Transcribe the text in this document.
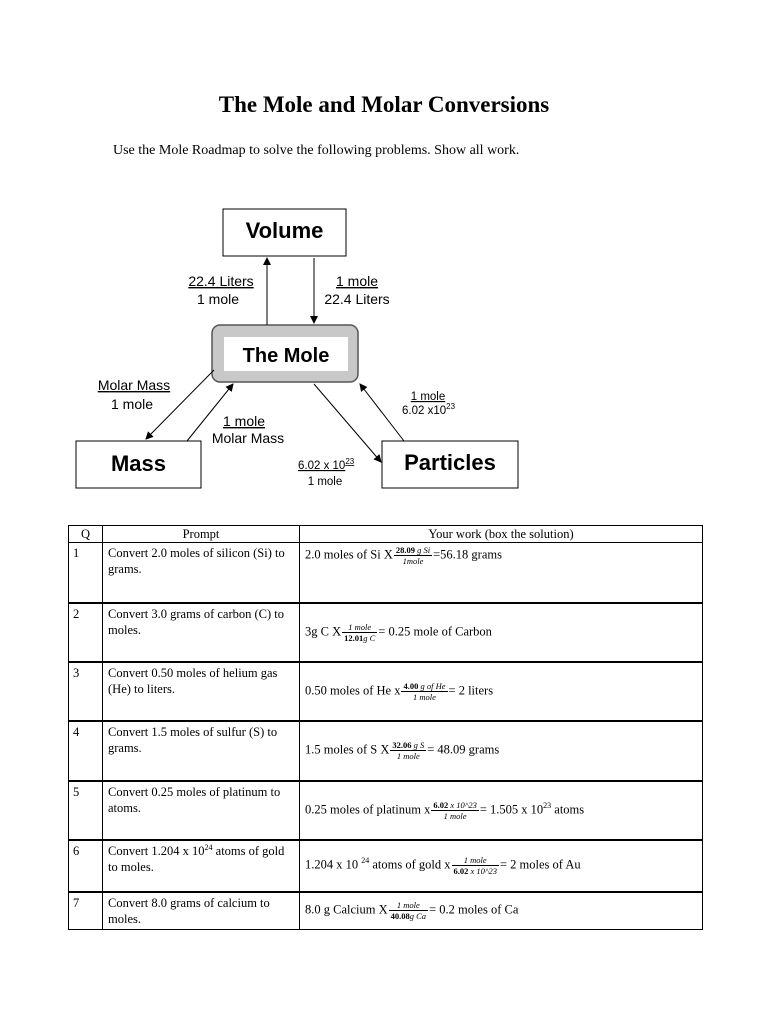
The Mole and Molar Conversions
Use the Mole Roadmap to solve the following problems. Show all work.
Volume
The Mole
Mass	Particles
22.4 Liters
1 mole
1 mole
22.4 Liters
Molar Mass
1 mole
1 mole
Molar Mass
1 mole
6.02 $x10^{23}$
6.02 x $10^{23}$
1 mole
Q	Prompt	Your work (box the solution)
1	Convert 2.0 moles of silicon (Si) to grams.	2.0 moles of Si X $\frac{\text{28.09 g Si}}{\text{1mole}} =56.18$ grams
2	Convert 3.0 grams of carbon (C) to moles.	3g C X $\frac{\text{1 mole}}{\text{12.01g C}} = 0.25$ mole of Carbon
3	Convert 0.50 moles of helium gas (He) to liters.	0.50 moles of He x $\frac{\text{4.00 g of He}}{\text{1 mole}} = 2$ liters
4	Convert 1.5 moles of sulfur (S) to grams.	1.5 moles of S X $\frac{\text{32.06 g S}}{\text{1 mole}} = 48.09$ grams
5	Convert 0.25 moles of platinum to atoms.	0.25 moles of platinum x $\frac{6.02 x 10\^{}23}{\text{1 mole}} = 1.505$ x $10^{23}$ atoms
6	Convert 1.204 x $10^{24}$ atoms of gold to moles.	1.204 x 10 $^{24}$ atoms of gold x $\frac{\text{1 mole}}{6.02 x 10\^{}23} = 2$ moles of Au
7	Convert 8.0 grams of calcium to moles.	8.0 g Calcium X $\frac{\text{1 mole}}{\text{40.08g Ca}} = 0.2$ moles of Ca
